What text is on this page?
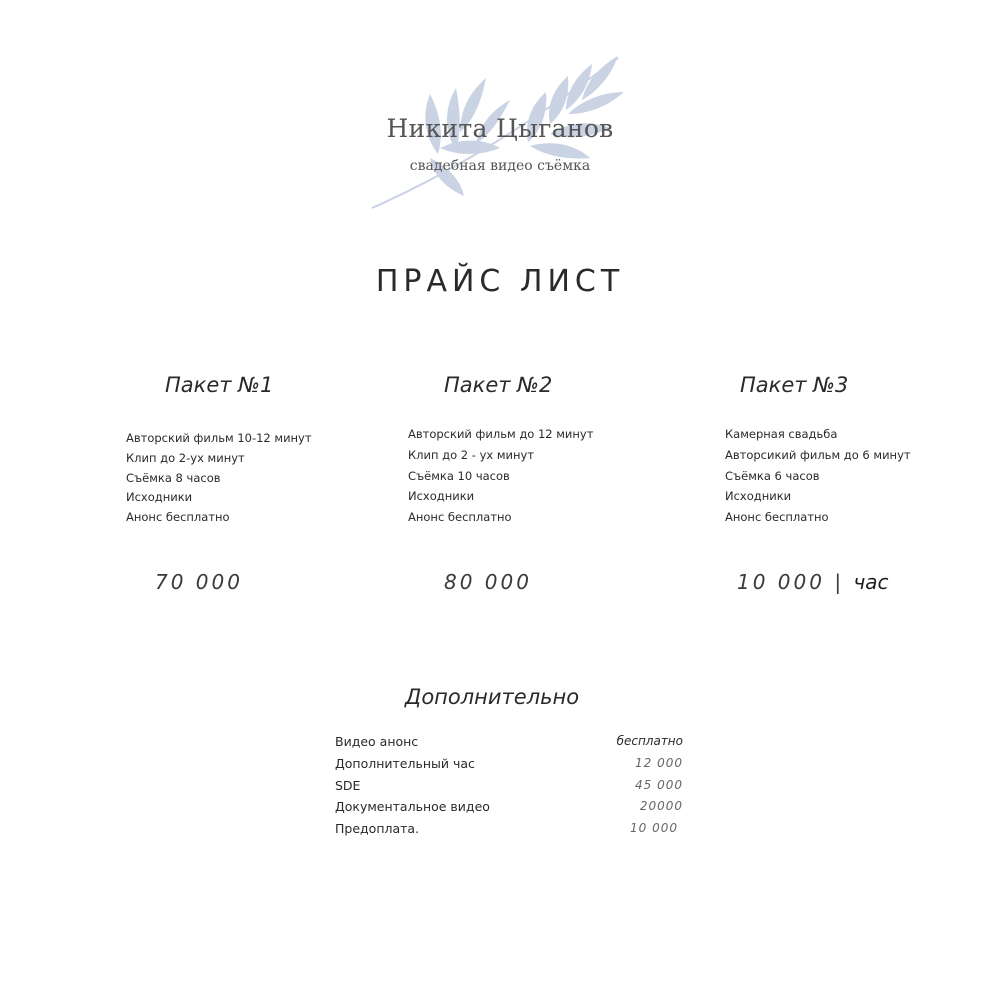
Никита Цыганов
свадебная видео съёмка
ПРАЙС ЛИСТ
Пакет №1
Авторский фильм 10-12 минут
Клип до 2-ух минут
Съёмка 8 часов
Исходники
Анонс бесплатно
70 000
Пакет №2
Авторский фильм до 12 минут
Клип до 2 - ух минут
Съёмка 10 часов
Исходники
Анонс бесплатно
80 000
Пакет №3
Камерная свадьба
Авторсикий фильм до 6 минут
Съёмка 6 часов
Исходники
Анонс бесплатно
10 000 | час
Дополнительно
Видео анонс	бесплатно
Дополнительный час	12 000
SDE	45 000
Документальное видео	20000
Предоплата.	10 000
